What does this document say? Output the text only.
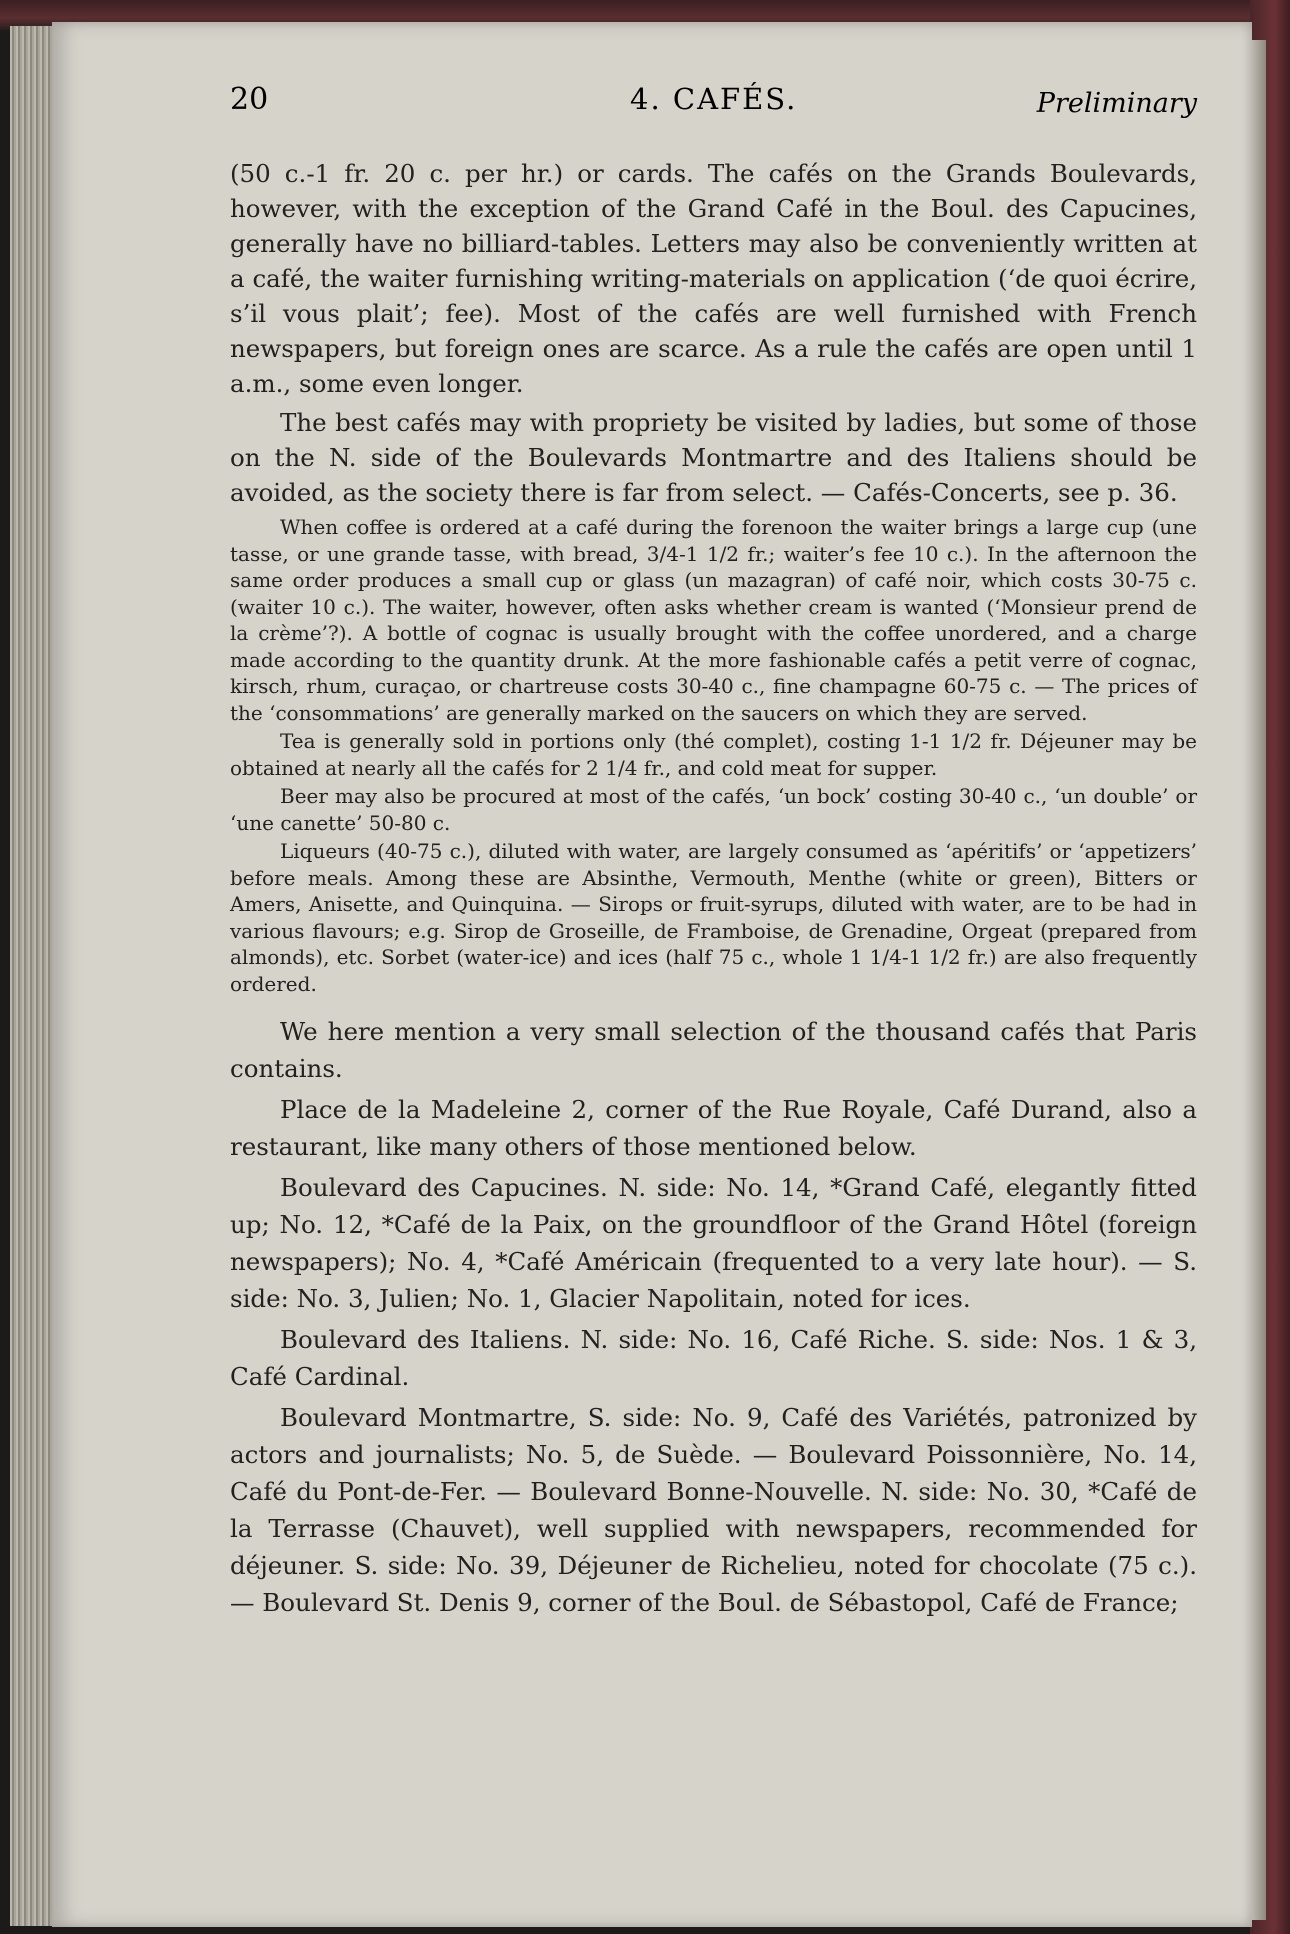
20	4. CAFÉS.	Preliminary

(50 c.-1 fr. 20 c. per hr.) or cards. The cafés on the Grands Boulevards, however, with the exception of the Grand Café in the Boul. des Capucines, generally have no billiard-tables. Letters may also be conveniently written at a café, the waiter furnishing writing-materials on application (‘de quoi écrire, s’il vous plait’; fee). Most of the cafés are well furnished with French newspapers, but foreign ones are scarce. As a rule the cafés are open until 1 a.m., some even longer.

The best cafés may with propriety be visited by ladies, but some of those on the N. side of the Boulevards Montmartre and des Italiens should be avoided, as the society there is far from select. — Cafés-Concerts, see p. 36.

When coffee is ordered at a café during the forenoon the waiter brings a large cup (une tasse, or une grande tasse, with bread, 3/4-1 1/2 fr.; waiter’s fee 10 c.). In the afternoon the same order produces a small cup or glass (un mazagran) of café noir, which costs 30-75 c. (waiter 10 c.). The waiter, however, often asks whether cream is wanted (‘Monsieur prend de la crème’?). A bottle of cognac is usually brought with the coffee unordered, and a charge made according to the quantity drunk. At the more fashionable cafés a petit verre of cognac, kirsch, rhum, curaçao, or chartreuse costs 30-40 c., fine champagne 60-75 c. — The prices of the ‘consommations’ are generally marked on the saucers on which they are served.

Tea is generally sold in portions only (thé complet), costing 1-1 1/2 fr. Déjeuner may be obtained at nearly all the cafés for 2 1/4 fr., and cold meat for supper.

Beer may also be procured at most of the cafés, ‘un bock’ costing 30-40 c., ‘un double’ or ‘une canette’ 50-80 c.

Liqueurs (40-75 c.), diluted with water, are largely consumed as ‘apéritifs’ or ‘appetizers’ before meals. Among these are Absinthe, Vermouth, Menthe (white or green), Bitters or Amers, Anisette, and Quinquina. — Sirops or fruit-syrups, diluted with water, are to be had in various flavours; e.g. Sirop de Groseille, de Framboise, de Grenadine, Orgeat (prepared from almonds), etc. Sorbet (water-ice) and ices (half 75 c., whole 1 1/4-1 1/2 fr.) are also frequently ordered.

We here mention a very small selection of the thousand cafés that Paris contains.

Place de la Madeleine 2, corner of the Rue Royale, Café Durand, also a restaurant, like many others of those mentioned below.

Boulevard des Capucines. N. side: No. 14, *Grand Café, elegantly fitted up; No. 12, *Café de la Paix, on the groundfloor of the Grand Hôtel (foreign newspapers); No. 4, *Café Américain (frequented to a very late hour). — S. side: No. 3, Julien; No. 1, Glacier Napolitain, noted for ices.

Boulevard des Italiens. N. side: No. 16, Café Riche. S. side: Nos. 1 & 3, Café Cardinal.

Boulevard Montmartre, S. side: No. 9, Café des Variétés, patronized by actors and journalists; No. 5, de Suède. — Boulevard Poissonnière, No. 14, Café du Pont-de-Fer. — Boulevard Bonne-Nouvelle. N. side: No. 30, *Café de la Terrasse (Chauvet), well supplied with newspapers, recommended for déjeuner. S. side: No. 39, Déjeuner de Richelieu, noted for chocolate (75 c.). — Boulevard St. Denis 9, corner of the Boul. de Sébastopol, Café de France;
